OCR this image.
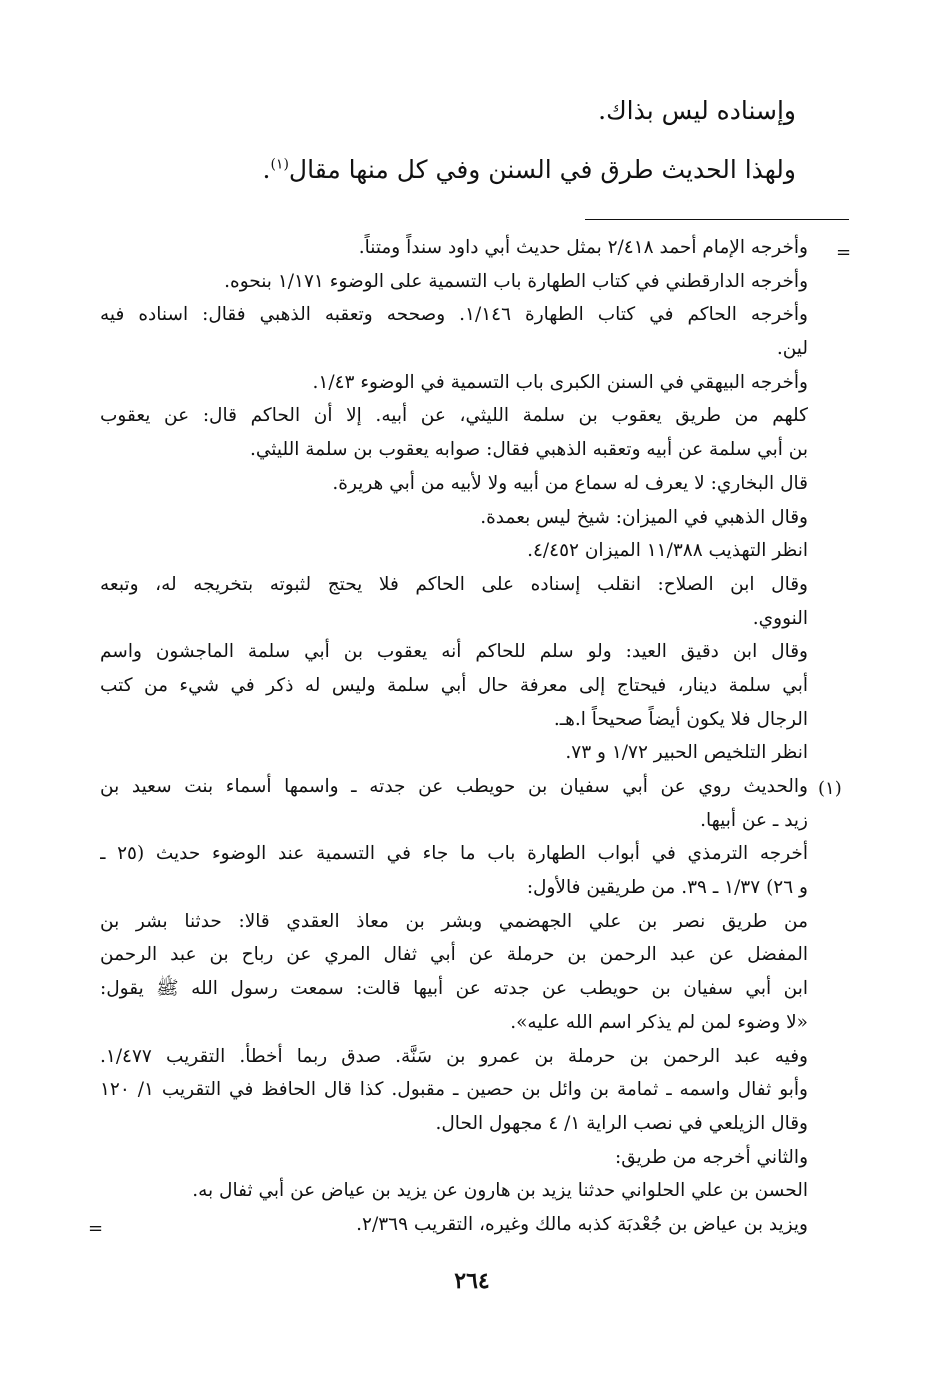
وإسناده ليس بذاك.
ولهذا الحديث طرق في السنن وفي كل منها مقال$^{(١)}$.
=
(١)
=
وأخرجه الإمام أحمد ٢/٤١٨ بمثل حديث أبي داود سنداً ومتناً.
وأخرجه الدارقطني في كتاب الطهارة باب التسمية على الوضوء ١/١٧١ بنحوه.
وأخرجه الحاكم في كتاب الطهارة ١/١٤٦. وصححه وتعقبه الذهبي فقال: اسناده فيه
لين.
وأخرجه البيهقي في السنن الكبرى باب التسمية في الوضوء ١/٤٣.
كلهم من طريق يعقوب بن سلمة الليثي، عن أبيه. إلا أن الحاكم قال: عن يعقوب
بن أبي سلمة عن أبيه وتعقبه الذهبي فقال: صوابه يعقوب بن سلمة الليثي.
قال البخاري: لا يعرف له سماع من أبيه ولا لأبيه من أبي هريرة.
وقال الذهبي في الميزان: شيخ ليس بعمدة.
انظر التهذيب ١١/٣٨٨ الميزان ٤/٤٥٢.
وقال ابن الصلاح: انقلب إسناده على الحاكم فلا يحتج لثبوته بتخريجه له، وتبعه
النووي.
وقال ابن دقيق العيد: ولو سلم للحاكم أنه يعقوب بن أبي سلمة الماجشون واسم
أبي سلمة دينار، فيحتاج إلى معرفة حال أبي سلمة وليس له ذكر في شيء من كتب
الرجال فلا يكون أيضاً صحيحاً ا.هـ.
انظر التلخيص الحبير ١/٧٢ و ٧٣.
والحديث روي عن أبي سفيان بن حويطب عن جدته ـ واسمها أسماء بنت سعيد بن
زيد ـ عن أبيها.
أخرجه الترمذي في أبواب الطهارة باب ما جاء في التسمية عند الوضوء حديث (٢٥ ـ
و ٢٦) ١/٣٧ ـ ٣٩. من طريقين فالأول:
من طريق نصر بن علي الجهضمي وبشر بن معاذ العقدي قالا: حدثنا بشر بن
المفضل عن عبد الرحمن بن حرملة عن أبي ثفال المري عن رباح بن عبد الرحمن
ابن أبي سفيان بن حويطب عن جدته عن أبيها قالت: سمعت رسول الله ﷺ يقول:
«لا وضوء لمن لم يذكر اسم الله عليه».
وفيه عبد الرحمن بن حرملة بن عمرو بن سَنَّة. صدق ربما أخطأ. التقريب ١/٤٧٧.
وأبو ثفال واسمه ـ ثمامة بن وائل بن حصين ـ مقبول. كذا قال الحافظ في التقريب ١/ ١٢٠
وقال الزيلعي في نصب الراية ١/ ٤ مجهول الحال.
والثاني أخرجه من طريق:
الحسن بن علي الحلواني حدثنا يزيد بن هارون عن يزيد بن عياض عن أبي ثفال به.
ويزيد بن عياض بن جُعْدبَة كذبه مالك وغيره، التقريب ٢/٣٦٩.
٢٦٤
